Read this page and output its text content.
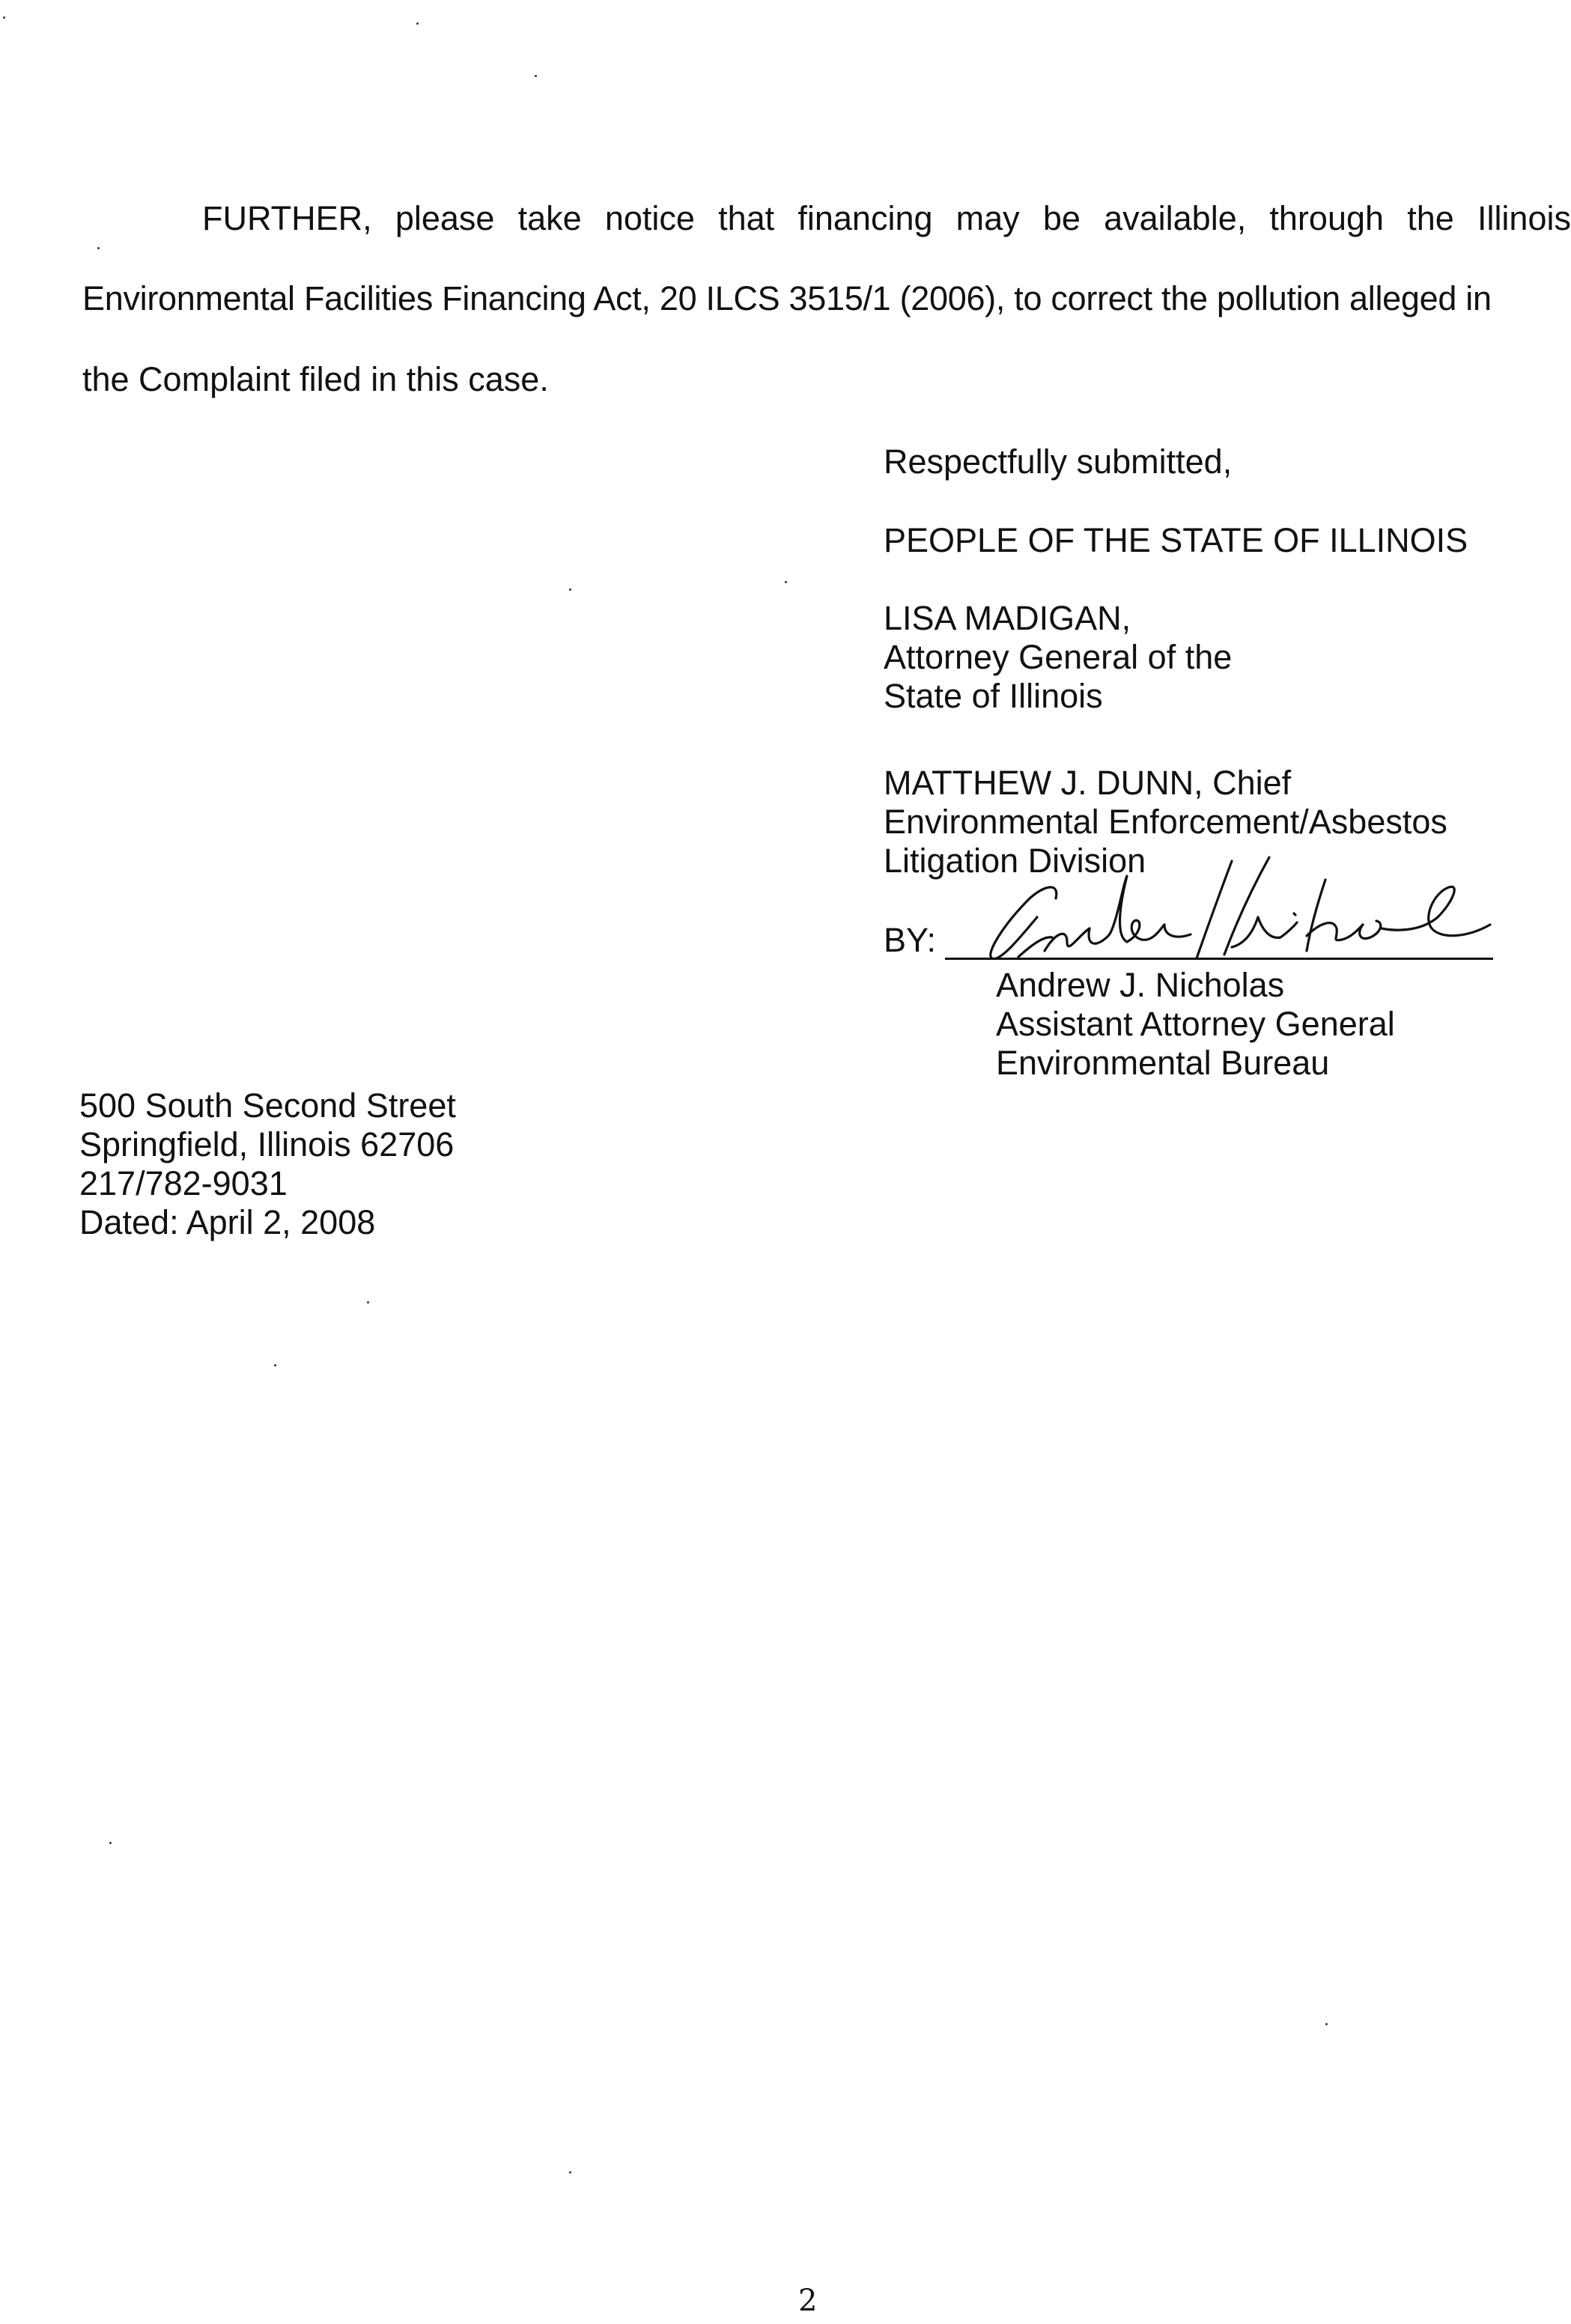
FURTHER, please take notice that financing may be available, through the Illinois
Environmental Facilities Financing Act, 20 ILCS 3515/1 (2006), to correct the pollution alleged in
the Complaint filed in this case.
Respectfully submitted,
PEOPLE OF THE STATE OF ILLINOIS
LISA MADIGAN,
Attorney General of the
State of Illinois
MATTHEW J. DUNN, Chief
Environmental Enforcement/Asbestos
Litigation Division
BY:
Andrew J. Nicholas
Assistant Attorney General
Environmental Bureau
500 South Second Street
Springfield, Illinois 62706
217/782-9031
Dated: April 2, 2008
2
